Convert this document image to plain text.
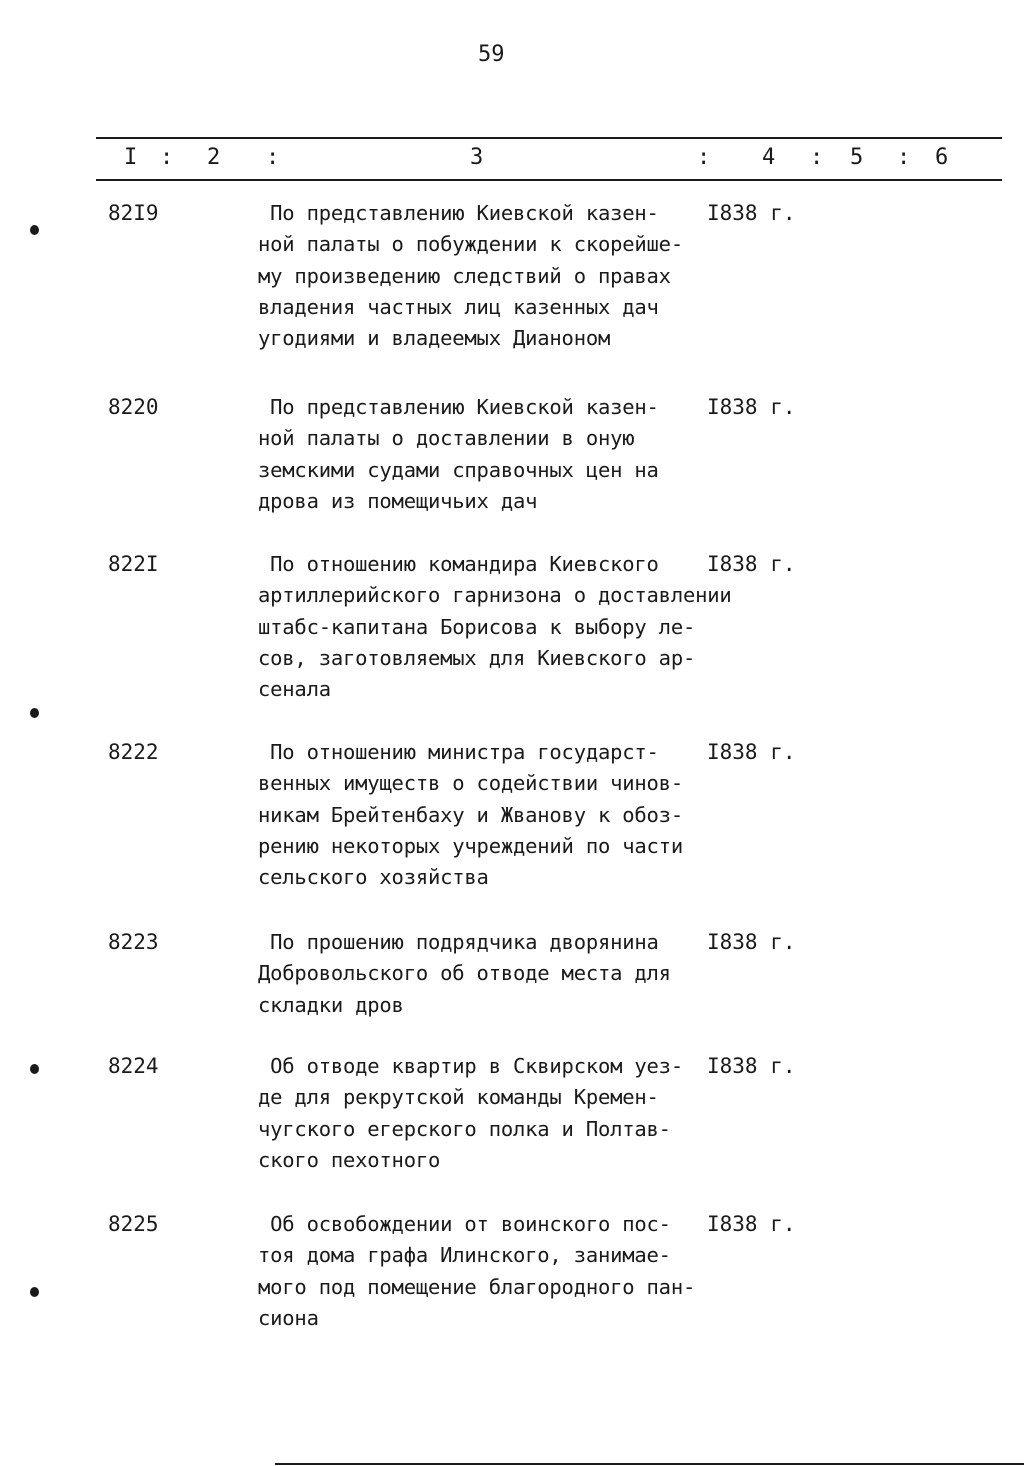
59
I : 2 :	3	: 4 : 5 : 6
82I9	По представлению Киевской казен-
ной палаты о побуждении к скорейше-
му произведению следствий о правах
владения частных лиц казенных дач
угодиями и владеемых Дианоном
I838 г.
8220	По представлению Киевской казен-
ной палаты о доставлении в оную
земскими судами справочных цен на
дрова из помещичьих дач
I838 г.
822I	По отношению командира Киевского
артиллерийского гарнизона о доставлении
штабс-капитана Борисова к выбору ле-
сов, заготовляемых для Киевского ар-
сенала
I838 г.
8222	По отношению министра государст-
венных имуществ о содействии чинов-
никам Брейтенбаху и Жванову к обоз-
рению некоторых учреждений по части
сельского хозяйства
I838 г.
8223	По прошению подрядчика дворянина
Добровольского об отводе места для
складки дров
I838 г.
8224	Об отводе квартир в Сквирском уез-
де для рекрутской команды Кремен-
чугского егерского полка и Полтав-
ского пехотного
I838 г.
8225	Об освобождении от воинского пос-
тоя дома графа Илинского, занимае-
мого под помещение благородного пан-
сиона
I838 г.
